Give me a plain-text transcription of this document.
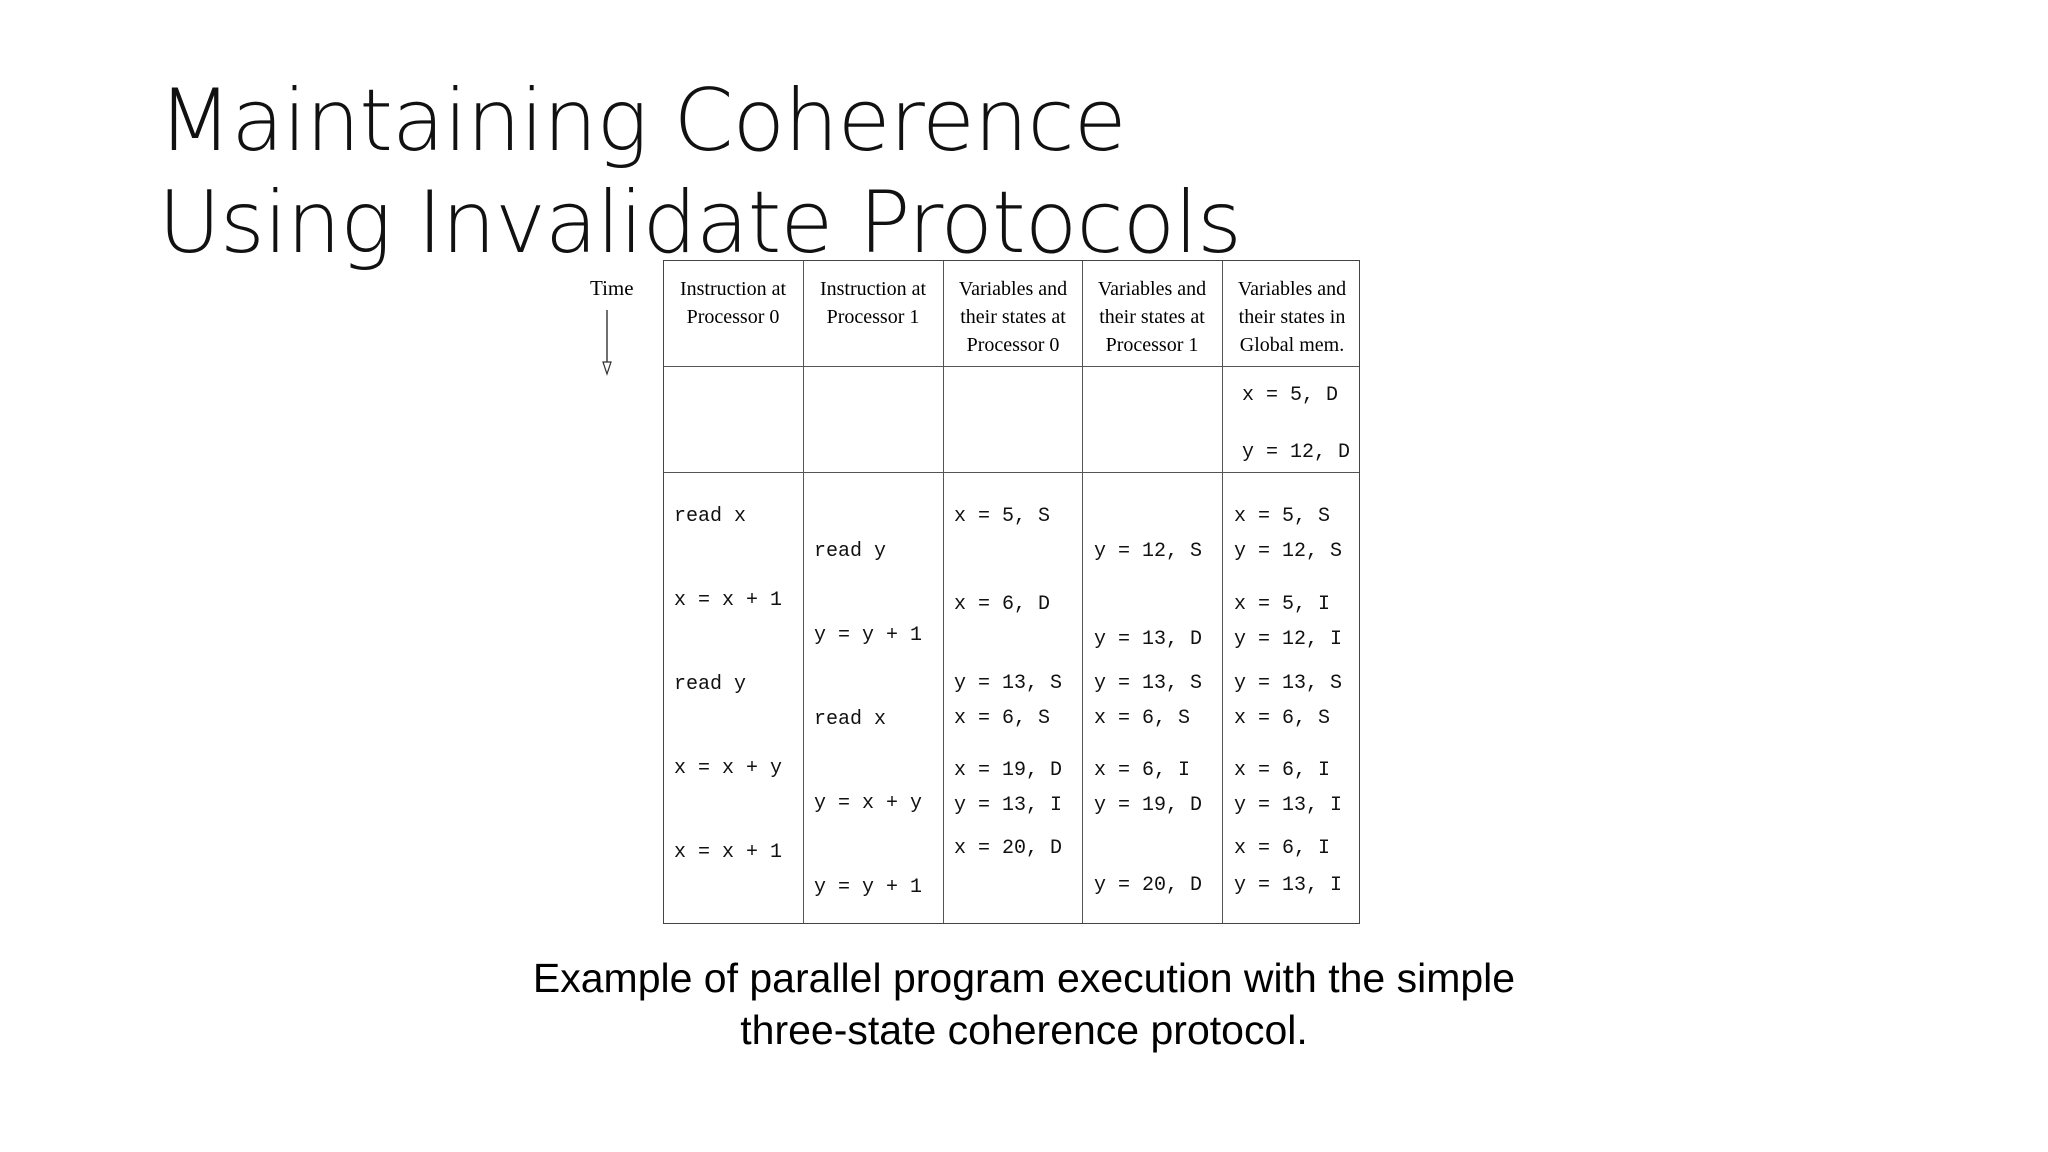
Maintaining Coherence
Using Invalidate Protocols
Time	Instruction at Processor 0
Instruction at Processor 1
Variables and their states at Processor 0
Variables and their states at Processor 1
Variables and their states in Global mem.
x = 5, D
y = 12, D
read x
x = x + 1
read y
x = x + y
x = x + 1
read y
y = y + 1
read x
y = x + y
y = y + 1
x = 5, S
x = 6, D
y = 13, S
x = 6, S
x = 19, D
y = 13, I
x = 20, D
y = 12, S
y = 13, D
y = 13, S
x = 6, S
x = 6, I
y = 19, D
y = 20, D
x = 5, S
y = 12, S
x = 5, I
y = 12, I
y = 13, S
x = 6, S
x = 6, I
y = 13, I
x = 6, I
y = 13, I
Example of parallel program execution with the simple
three-state coherence protocol.
